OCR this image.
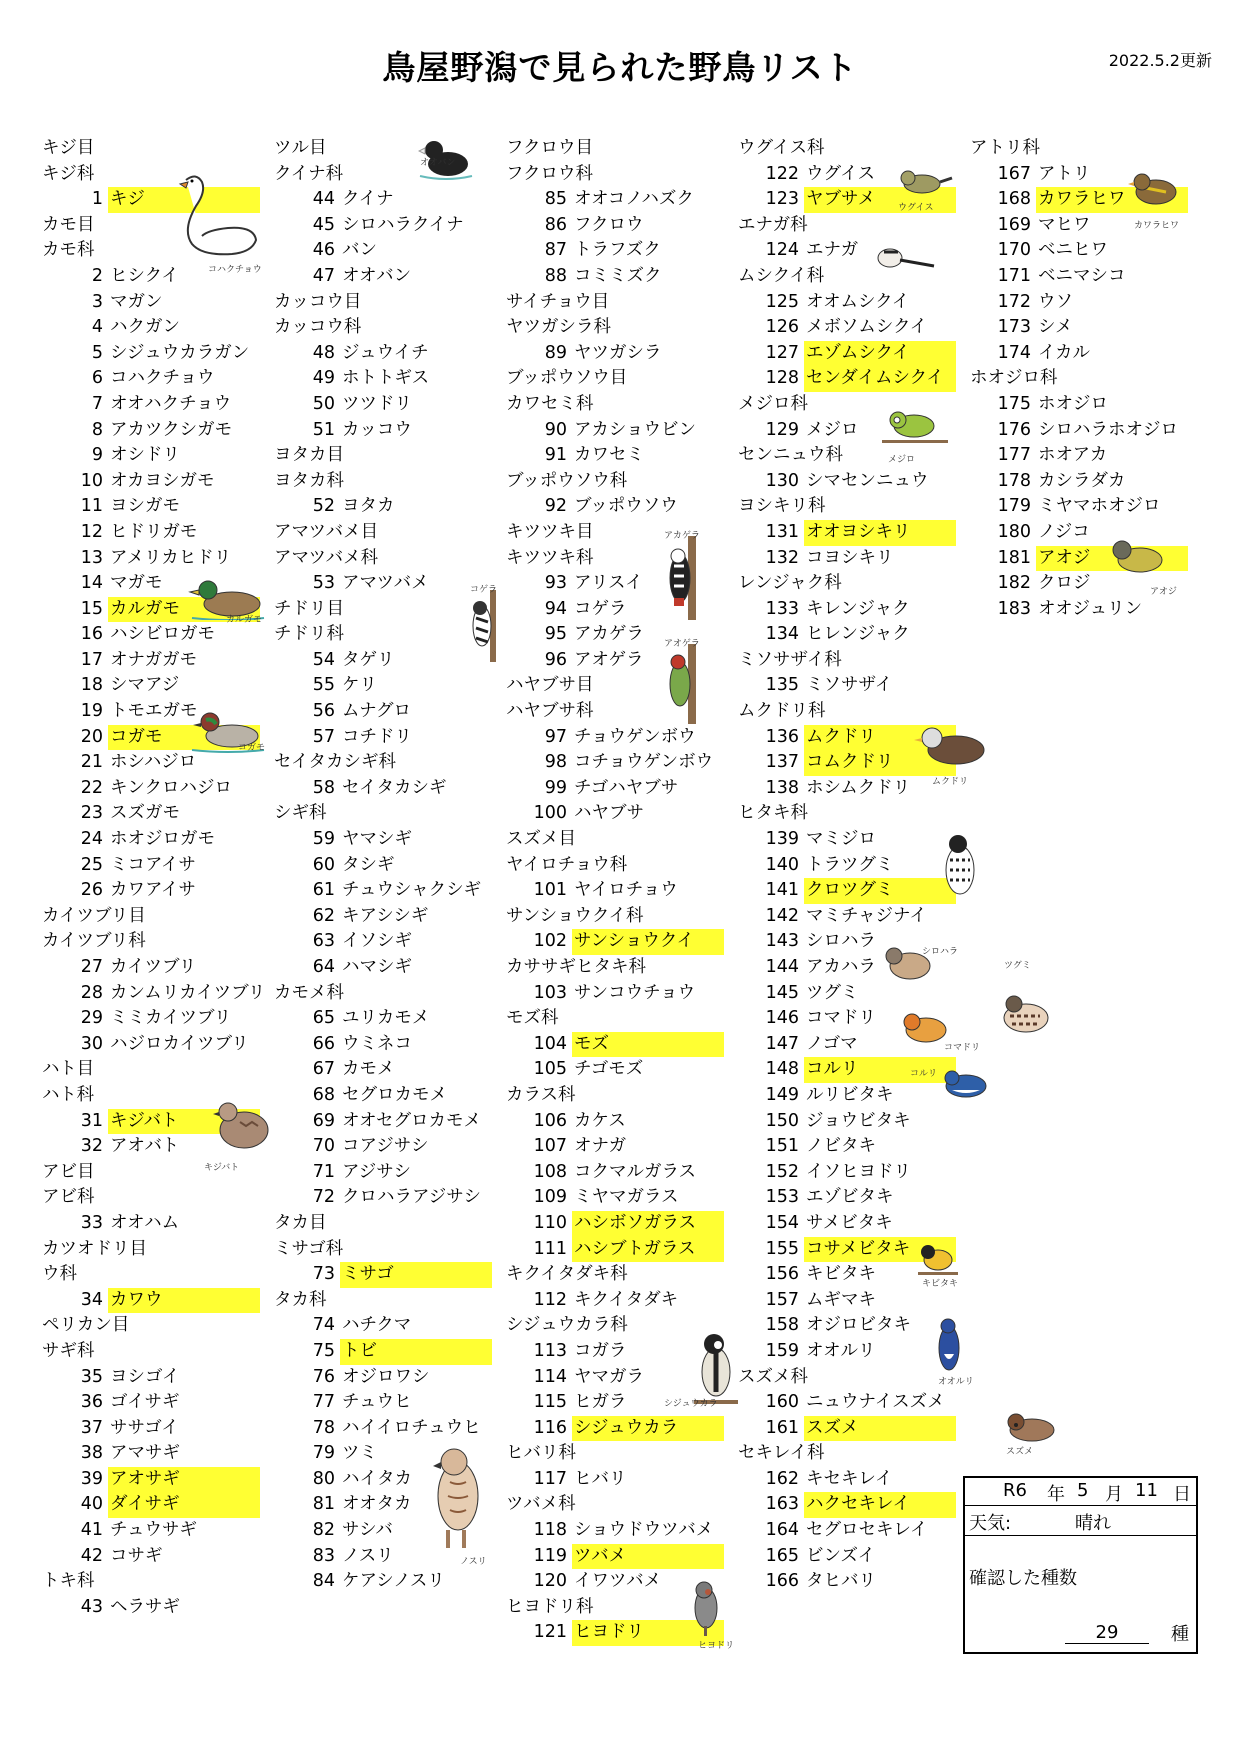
鳥屋野潟で見られた野鳥リスト	2022.5.2更新
キジ目
キジ科
1 キジ
カモ目
カモ科
2 ヒシクイ
3 マガン
4 ハクガン
5 シジュウカラガン
6 コハクチョウ
7 オオハクチョウ
8 アカツクシガモ
9 オシドリ
10 オカヨシガモ
11 ヨシガモ
12 ヒドリガモ
13 アメリカヒドリ
14 マガモ
15 カルガモ
16 ハシビロガモ
17 オナガガモ
18 シマアジ
19 トモエガモ
20 コガモ
21 ホシハジロ
22 キンクロハジロ
23 スズガモ
24 ホオジロガモ
25 ミコアイサ
26 カワアイサ
カイツブリ目
カイツブリ科
27 カイツブリ
28 カンムリカイツブリ
29 ミミカイツブリ
30 ハジロカイツブリ
ハト目
ハト科
31 キジバト
32 アオバト
アビ目
アビ科
33 オオハム
カツオドリ目
ウ科
34 カワウ
ペリカン目
サギ科
35 ヨシゴイ
36 ゴイサギ
37 ササゴイ
38 アマサギ
39 アオサギ
40 ダイサギ
41 チュウサギ
42 コサギ
トキ科
43 ヘラサギ
ツル目
クイナ科
44 クイナ
45 シロハラクイナ
46 バン
47 オオバン
カッコウ目
カッコウ科
48 ジュウイチ
49 ホトトギス
50 ツツドリ
51 カッコウ
ヨタカ目
ヨタカ科
52 ヨタカ
アマツバメ目
アマツバメ科
53 アマツバメ
チドリ目
チドリ科
54 タゲリ
55 ケリ
56 ムナグロ
57 コチドリ
セイタカシギ科
58 セイタカシギ
シギ科
59 ヤマシギ
60 タシギ
61 チュウシャクシギ
62 キアシシギ
63 イソシギ
64 ハマシギ
カモメ科
65 ユリカモメ
66 ウミネコ
67 カモメ
68 セグロカモメ
69 オオセグロカモメ
70 コアジサシ
71 アジサシ
72 クロハラアジサシ
タカ目
ミサゴ科
73 ミサゴ
タカ科
74 ハチクマ
75 トビ
76 オジロワシ
77 チュウヒ
78 ハイイロチュウヒ
79 ツミ
80 ハイタカ
81 オオタカ
82 サシバ
83 ノスリ
84 ケアシノスリ
フクロウ目
フクロウ科
85 オオコノハズク
86 フクロウ
87 トラフズク
88 コミミズク
サイチョウ目
ヤツガシラ科
89 ヤツガシラ
ブッポウソウ目
カワセミ科
90 アカショウビン
91 カワセミ
ブッポウソウ科
92 ブッポウソウ
キツツキ目
キツツキ科
93 アリスイ
94 コゲラ
95 アカゲラ
96 アオゲラ
ハヤブサ目
ハヤブサ科
97 チョウゲンボウ
98 コチョウゲンボウ
99 チゴハヤブサ
100 ハヤブサ
スズメ目
ヤイロチョウ科
101 ヤイロチョウ
サンショウクイ科
102 サンショウクイ
カササギヒタキ科
103 サンコウチョウ
モズ科
104 モズ
105 チゴモズ
カラス科
106 カケス
107 オナガ
108 コクマルガラス
109 ミヤマガラス
110 ハシボソガラス
111 ハシブトガラス
キクイタダキ科
112 キクイタダキ
シジュウカラ科
113 コガラ
114 ヤマガラ
115 ヒガラ
116 シジュウカラ
ヒバリ科
117 ヒバリ
ツバメ科
118 ショウドウツバメ
119 ツバメ
120 イワツバメ
ヒヨドリ科
121 ヒヨドリ
ウグイス科
122 ウグイス
123 ヤブサメ
エナガ科
124 エナガ
ムシクイ科
125 オオムシクイ
126 メボソムシクイ
127 エゾムシクイ
128 センダイムシクイ
メジロ科
129 メジロ
センニュウ科
130 シマセンニュウ
ヨシキリ科
131 オオヨシキリ
132 コヨシキリ
レンジャク科
133 キレンジャク
134 ヒレンジャク
ミソサザイ科
135 ミソサザイ
ムクドリ科
136 ムクドリ
137 コムクドリ
138 ホシムクドリ
ヒタキ科
139 マミジロ
140 トラツグミ
141 クロツグミ
142 マミチャジナイ
143 シロハラ
144 アカハラ
145 ツグミ
146 コマドリ
147 ノゴマ
148 コルリ
149 ルリビタキ
150 ジョウビタキ
151 ノビタキ
152 イソヒヨドリ
153 エゾビタキ
154 サメビタキ
155 コサメビタキ
156 キビタキ
157 ムギマキ
158 オジロビタキ
159 オオルリ
スズメ科
160 ニュウナイスズメ
161 スズメ
セキレイ科
162 キセキレイ
163 ハクセキレイ
164 セグロセキレイ
165 ビンズイ
166 タヒバリ
アトリ科
167 アトリ
168 カワラヒワ
169 マヒワ
170 ベニヒワ
171 ベニマシコ
172 ウソ
173 シメ
174 イカル
ホオジロ科
175 ホオジロ
176 シロハラホオジロ
177 ホオアカ
178 カシラダカ
179 ミヤマホオジロ
180 ノジコ
181 アオジ
182 クロジ
183 オオジュリン
コハクチョウ
オオバン
カルガモ
コガモ
キジバト
コゲラ
アカゲラ
アオゲラ
ノスリ
シジュウカラ
ヒヨドリ
ウグイス
メジロ
ムクドリ
シロハラ
ツグミ
コマドリ
コルリ
キビタキ
オオルリ
スズメ
カワラヒワ
アオジ
R6 年 5 月 11 日
天気:	晴れ
確認した種数
29	種
